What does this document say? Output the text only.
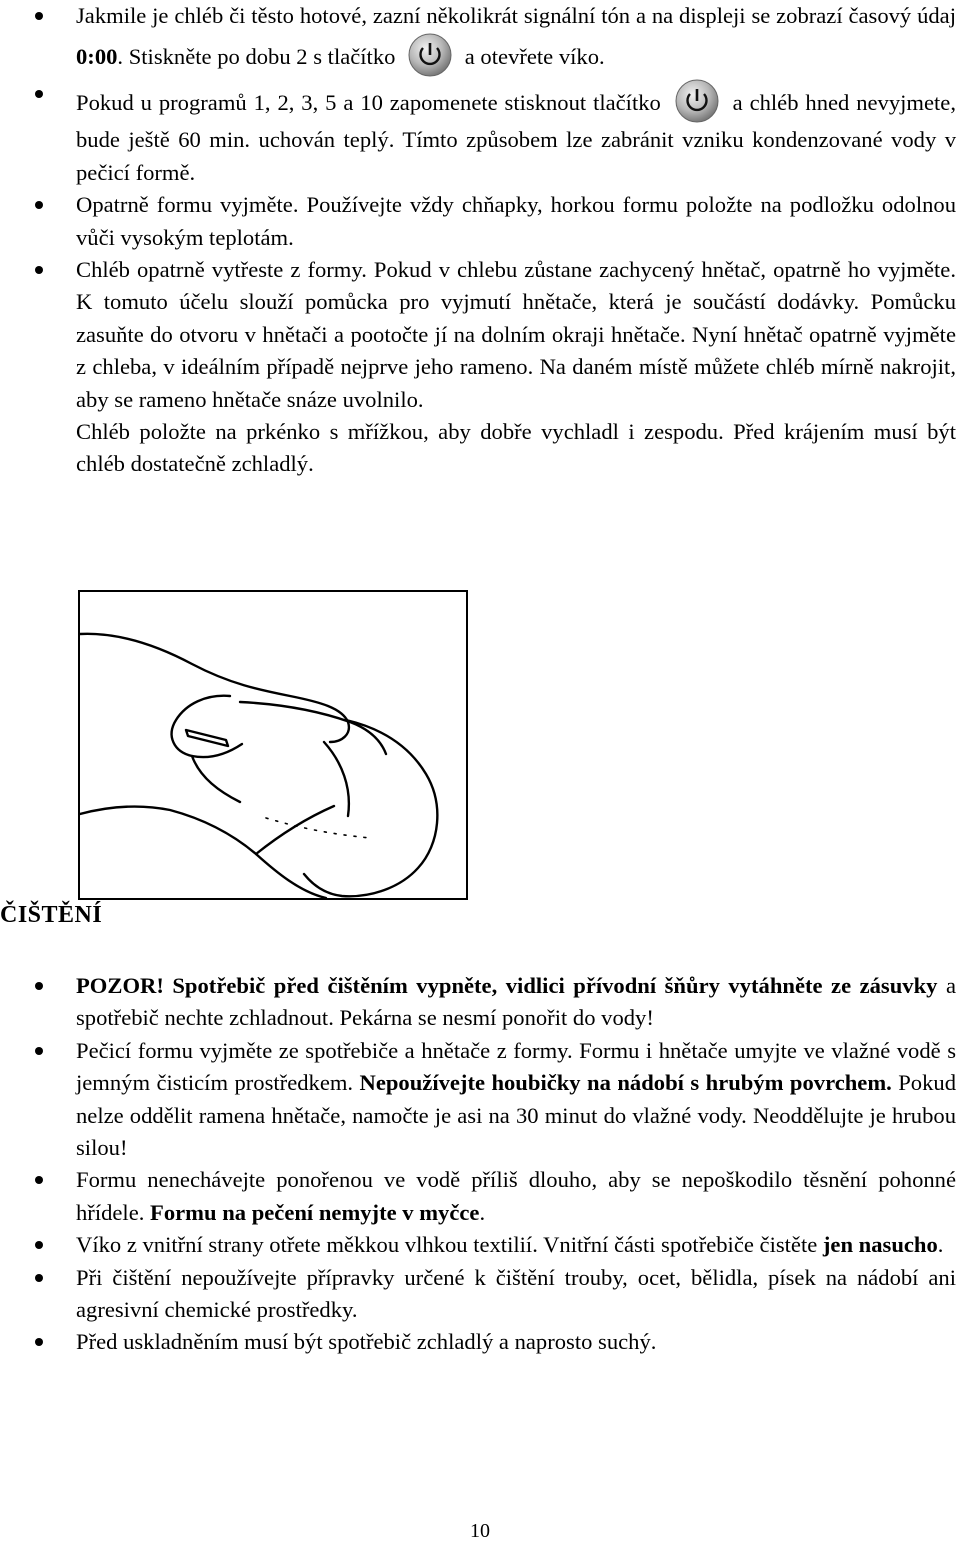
Jakmile je chléb či těsto hotové, zazní několikrát signální tón a na displeji se zobrazí časový údaj 0:00. Stiskněte po dobu 2 s tlačítko	a otevřete víko.
Pokud u programů 1, 2, 3, 5 a 10 zapomenete stisknout tlačítko	a chléb hned nevyjmete, bude ještě 60 min. uchován teplý. Tímto způsobem lze zabránit vzniku kondenzované vody v pečicí formě.
Opatrně formu vyjměte. Používejte vždy chňapky, horkou formu položte na podložku odolnou vůči vysokým teplotám.
Chléb opatrně vytřeste z formy. Pokud v chlebu zůstane zachycený hnětač, opatrně ho vyjměte. K tomuto účelu slouží pomůcka pro vyjmutí hnětače, která je součástí dodávky. Pomůcku zasuňte do otvoru v hnětači a pootočte jí na dolním okraji hnětače. Nyní hnětač opatrně vyjměte z chleba, v ideálním případě nejprve jeho rameno. Na daném místě můžete chléb mírně nakrojit, aby se rameno hnětače snáze uvolnilo.
Chléb položte na prkénko s mřížkou, aby dobře vychladl i zespodu. Před krájením musí být chléb dostatečně zchladlý.
ČIŠTĚNÍ
POZOR! Spotřebič před čištěním vypněte, vidlici přívodní šňůry vytáhněte ze zásuvky a spotřebič nechte zchladnout. Pekárna se nesmí ponořit do vody!
Pečicí formu vyjměte ze spotřebiče a hnětače z formy. Formu i hnětače umyjte ve vlažné vodě s jemným čisticím prostředkem. Nepoužívejte houbičky na nádobí s hrubým povrchem. Pokud nelze oddělit ramena hnětače, namočte je asi na 30 minut do vlažné vody. Neoddělujte je hrubou silou!
Formu nenechávejte ponořenou ve vodě příliš dlouho, aby se nepoškodilo těsnění pohonné hřídele. Formu na pečení nemyjte v myčce.
Víko z vnitřní strany otřete měkkou vlhkou textilií. Vnitřní části spotřebiče čistěte jen nasucho.
Při čištění nepoužívejte přípravky určené k čištění trouby, ocet, bělidla, písek na nádobí ani agresivní chemické prostředky.
Před uskladněním musí být spotřebič zchladlý a naprosto suchý.
10
